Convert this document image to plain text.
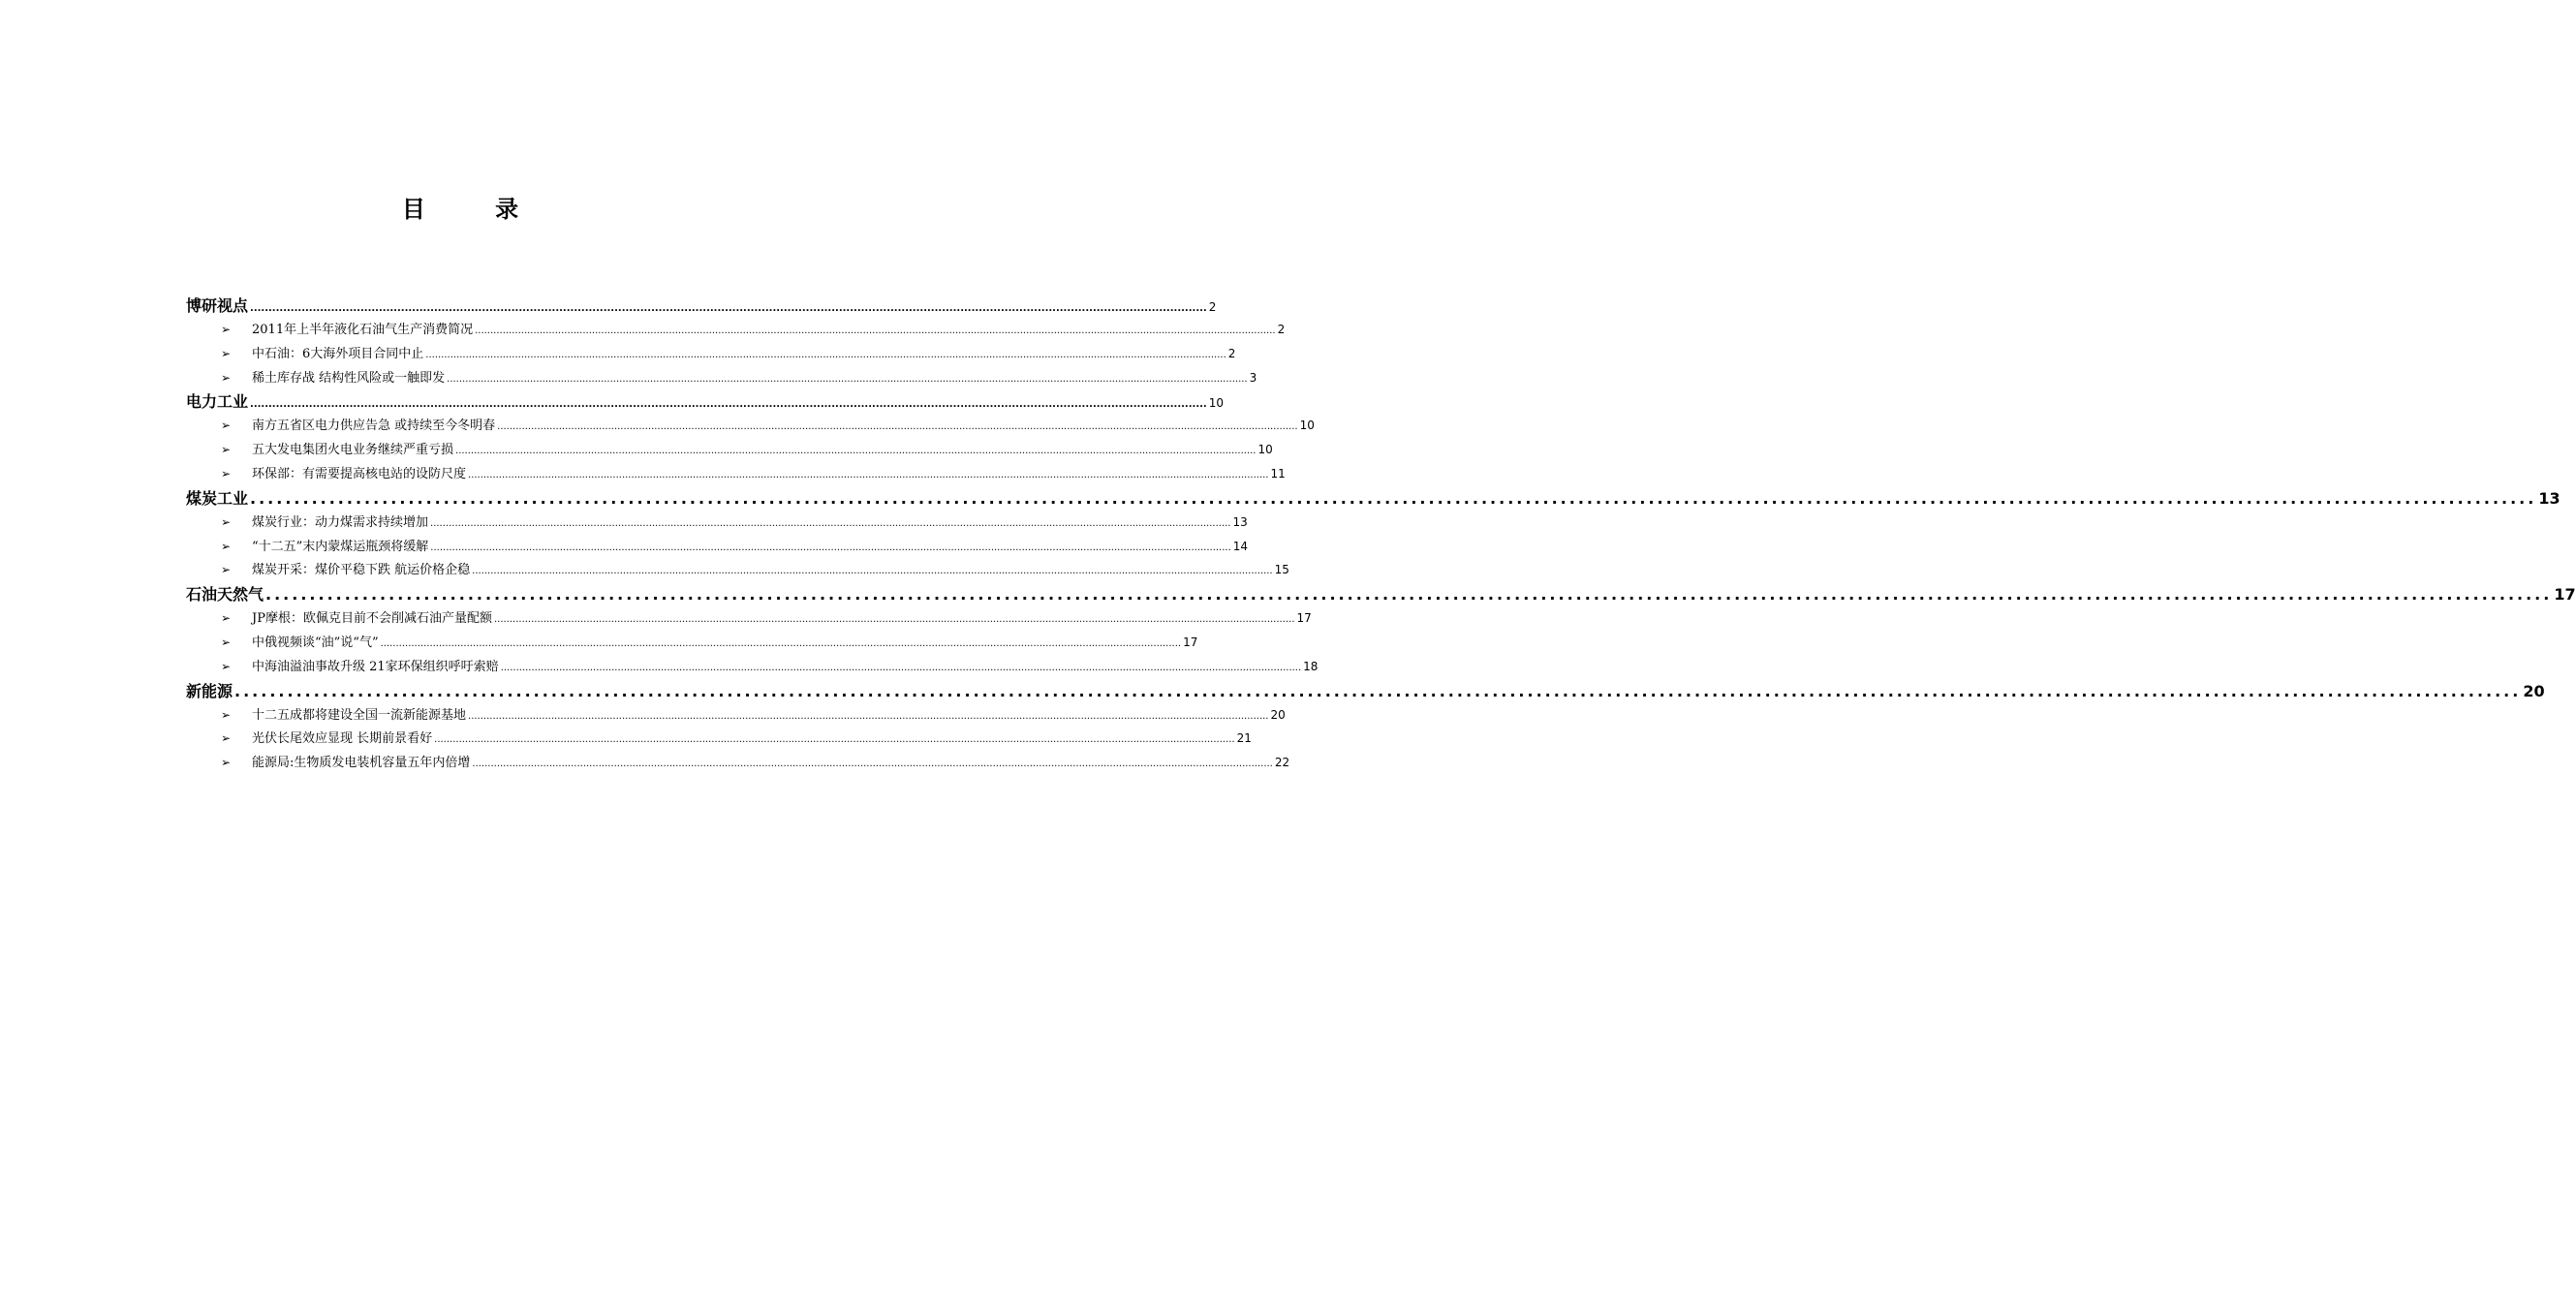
目 录
博研视点 .................................................................................................................................................................................................................................................................... 2
➢ 2011年上半年液化石油气生产消费简况 .................................................................................................................................................................................................................................................................... 2
➢ 中石油：6大海外项目合同中止 .................................................................................................................................................................................................................................................................... 2
➢ 稀土库存战 结构性风险或一触即发 .................................................................................................................................................................................................................................................................... 3
电力工业 .................................................................................................................................................................................................................................................................... 10
➢ 南方五省区电力供应告急 或持续至今冬明春 .................................................................................................................................................................................................................................................................... 10
➢ 五大发电集团火电业务继续严重亏损 .................................................................................................................................................................................................................................................................... 10
➢ 环保部：有需要提高核电站的设防尺度 .................................................................................................................................................................................................................................................................... 11
煤炭工业 .................................................................................................................................................................................................................................................................... 13
➢ 煤炭行业：动力煤需求持续增加 .................................................................................................................................................................................................................................................................... 13
➢ “十二五”末内蒙煤运瓶颈将缓解 .................................................................................................................................................................................................................................................................... 14
➢ 煤炭开采：煤价平稳下跌 航运价格企稳 .................................................................................................................................................................................................................................................................... 15
石油天然气 .................................................................................................................................................................................................................................................................... 17
➢ JP摩根：欧佩克目前不会削减石油产量配额 .................................................................................................................................................................................................................................................................... 17
➢ 中俄视频谈“油”说“气” .................................................................................................................................................................................................................................................................... 17
➢ 中海油溢油事故升级 21家环保组织呼吁索赔 .................................................................................................................................................................................................................................................................... 18
新能源 .................................................................................................................................................................................................................................................................... 20
➢ 十二五成都将建设全国一流新能源基地 .................................................................................................................................................................................................................................................................... 20
➢ 光伏长尾效应显现 长期前景看好 .................................................................................................................................................................................................................................................................... 21
➢ 能源局:生物质发电装机容量五年内倍增 .................................................................................................................................................................................................................................................................... 22
